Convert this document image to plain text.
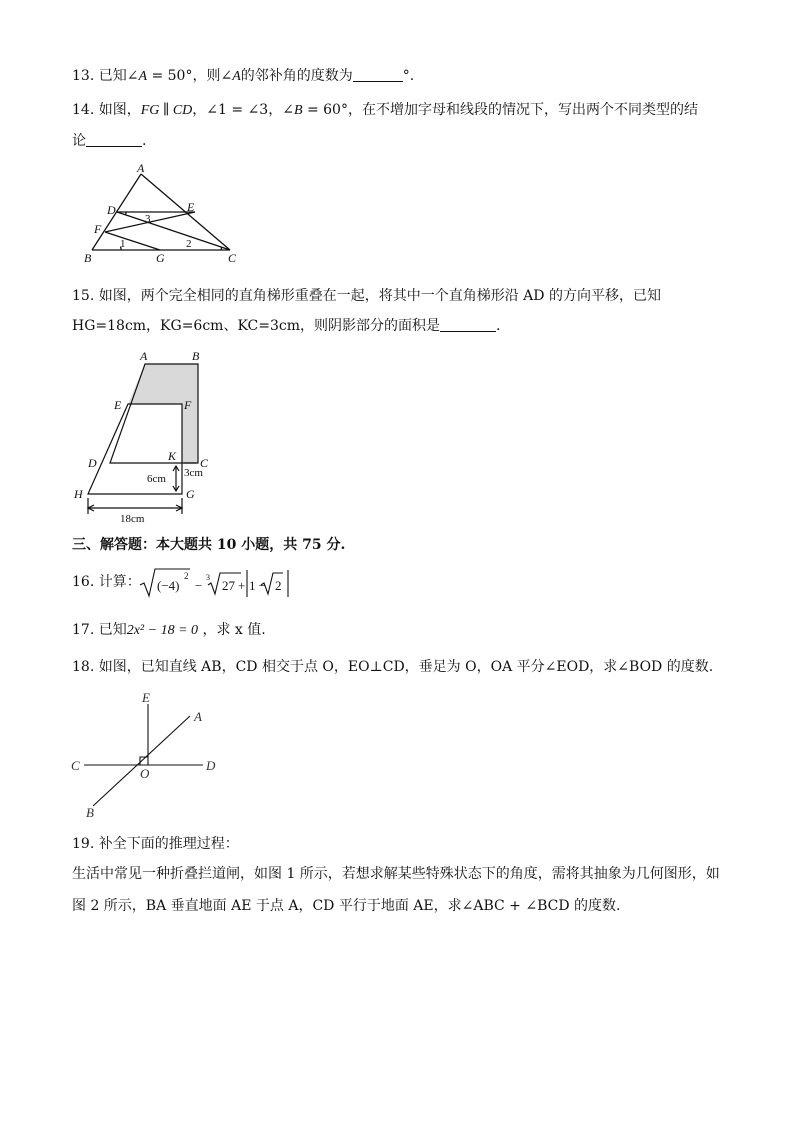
13. 已知∠A = 50°，则∠A的邻补角的度数为	°.
14. 如图，FG ∥ CD，∠1 = ∠3，∠B = 60°，在不增加字母和线段的情况下，写出两个不同类型的结
论	.
A
D	E
F
B	G	C
1	2
3
15. 如图，两个完全相同的直角梯形重叠在一起，将其中一个直角梯形沿 AD 的方向平移，已知
HG=18cm，KG=6cm、KC=3cm，则阴影部分的面积是	.
A	B
E	F
D	K C
H	G
6cm 3cm
18cm
三、解答题：本大题共 10 小题，共 75 分.
16. 计算： (−4)
2
−
3
27 + 1 − 2
17. 已知2x² − 18 = 0 ，求 x 值.
18. 如图，已知直线 AB，CD 相交于点 O，EO⊥CD，垂足为 O，OA 平分∠EOD，求∠BOD 的度数.
E
A
C
O
D
B
19. 补全下面的推理过程：
生活中常见一种折叠拦道闸，如图 1 所示，若想求解某些特殊状态下的角度，需将其抽象为几何图形，如
图 2 所示，BA 垂直地面 AE 于点 A，CD 平行于地面 AE，求∠ABC + ∠BCD 的度数.
